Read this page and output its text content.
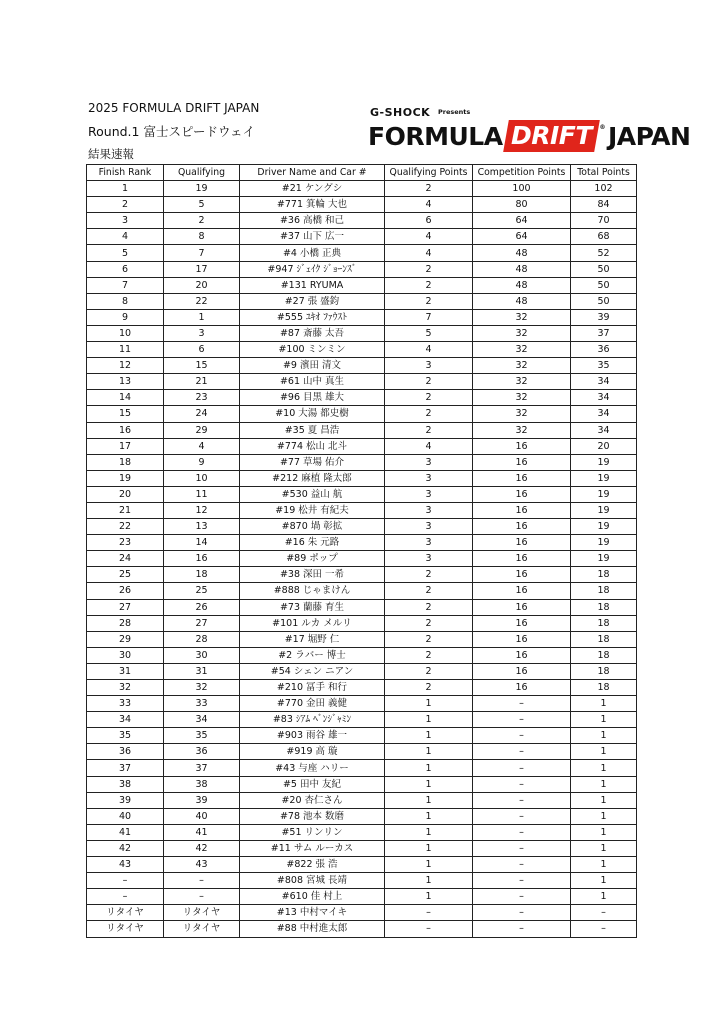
2025 FORMULA DRIFT JAPAN
Round.1 富士スピードウェイ
結果速報
G-SHOCK Presents
FORMULA DRIFT	® JAPAN
Finish Rank	Qualifying	Driver Name and Car #	Qualifying Points	Competition Points	Total Points
1	19	#21 ケングシ	2	100	102
2	5	#771 箕輪 大也	4	80	84
3	2	#36 高橋 和己	6	64	70
4	8	#37 山下 広一	4	64	68
5	7	#4 小橋 正典	4	48	52
6	17	#947 ｼﾞｪｲｸ ｼﾞｮｰﾝｽﾞ	2	48	50
7	20	#131 RYUMA	2	48	50
8	22	#27 張 盛鈞	2	48	50
9	1	#555 ﾕｷｵ ﾌｧｳｽﾄ	7	32	39
10	3	#87 斎藤 太吾	5	32	37
11	6	#100 ミンミン	4	32	36
12	15	#9 濱田 清文	3	32	35
13	21	#61 山中 真生	2	32	34
14	23	#96 目黒 雄大	2	32	34
15	24	#10 大湯 都史樹	2	32	34
16	29	#35 夏 昌浩	2	32	34
17	4	#774 松山 北斗	4	16	20
18	9	#77 草場 佑介	3	16	19
19	10	#212 麻植 隆太郎	3	16	19
20	11	#530 益山 航	3	16	19
21	12	#19 松井 有紀夫	3	16	19
22	13	#870 堝 彰拡	3	16	19
23	14	#16 朱 元路	3	16	19
24	16	#89 ポップ	3	16	19
25	18	#38 深田 一希	2	16	18
26	25	#888 じゃまけん	2	16	18
27	26	#73 蘭藤 育生	2	16	18
28	27	#101 ルカ メルリ	2	16	18
29	28	#17 堀野 仁	2	16	18
30	30	#2 ラバー 博士	2	16	18
31	31	#54 シェン ニアン	2	16	18
32	32	#210 冨手 和行	2	16	18
33	33	#770 金田 義健	1	–	1
34	34	#83 ｼｱﾑ ﾍﾞﾝｼﾞｬﾐﾝ	1	–	1
35	35	#903 雨谷 雄一	1	–	1
36	36	#919 高 璇	1	–	1
37	37	#43 与座 ハリー	1	–	1
38	38	#5 田中 友紀	1	–	1
39	39	#20 杏仁さん	1	–	1
40	40	#78 池本 数磨	1	–	1
41	41	#51 リンリン	1	–	1
42	42	#11 サム ルーカス	1	–	1
43	43	#822 張 浩	1	–	1
–	–	#808 宮城 長靖	1	–	1
–	–	#610 佳 村上	1	–	1
リタイヤ	リタイヤ	#13 中村マイキ	–	–	–
リタイヤ	リタイヤ	#88 中村進太郎	–	–	–
